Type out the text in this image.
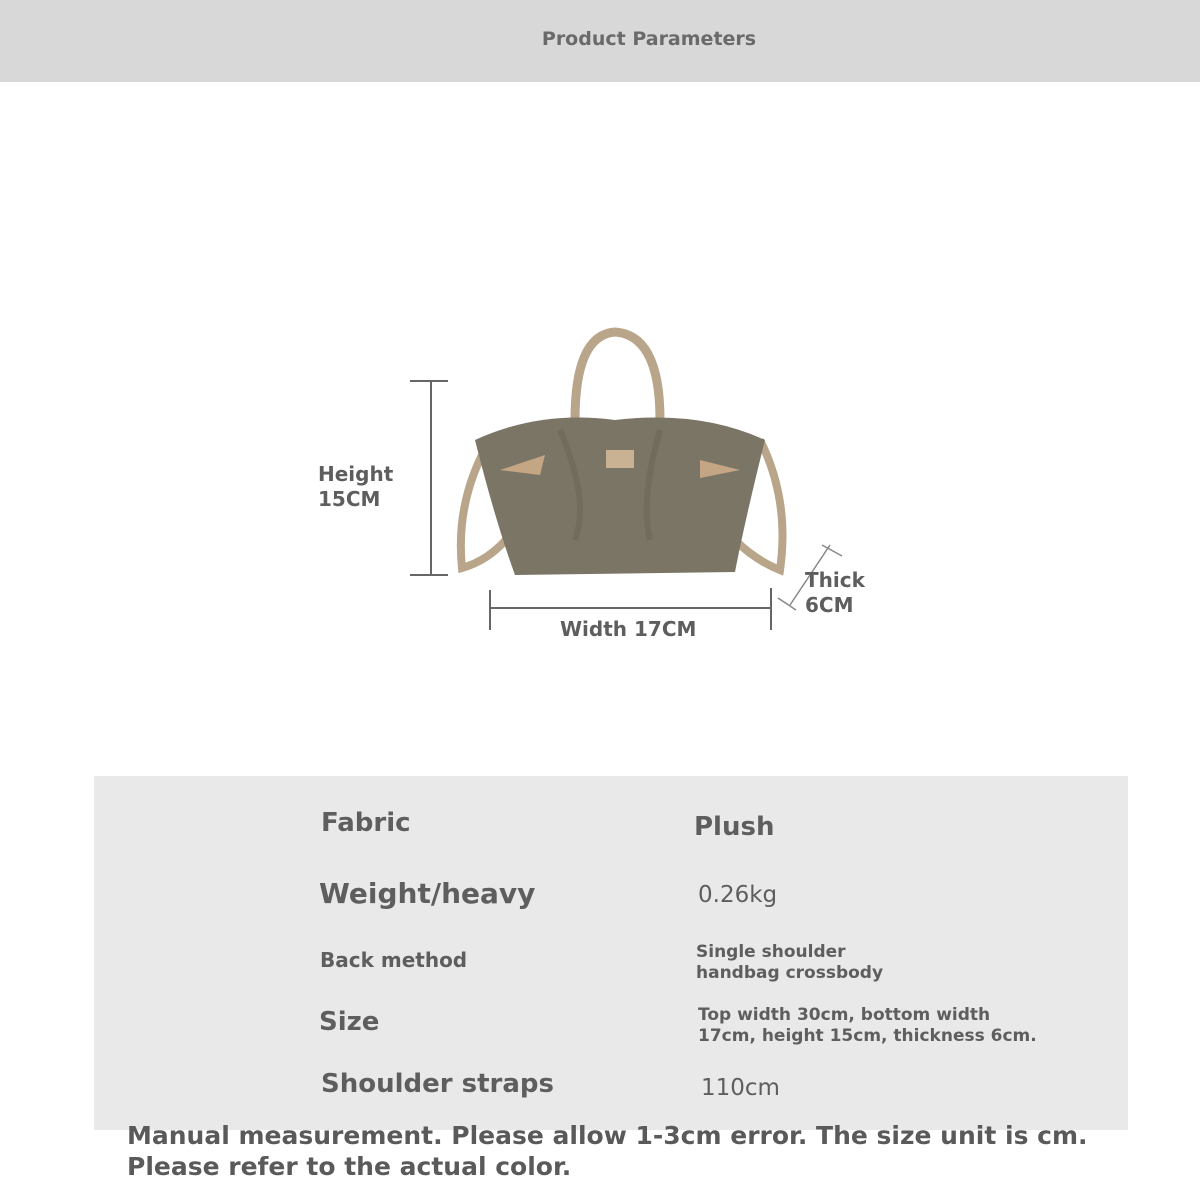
Product Parameters
Height
15CM
Width 17CM
Thick
6CM
Fabric	Plush
Weight/heavy	0.26kg
Back method	Single shoulder
handbag crossbody
Size	Top width 30cm, bottom width
17cm, height 15cm, thickness 6cm.
Shoulder straps	110cm
Manual measurement. Please allow 1-3cm error. The size unit is cm.
Please refer to the actual color.
